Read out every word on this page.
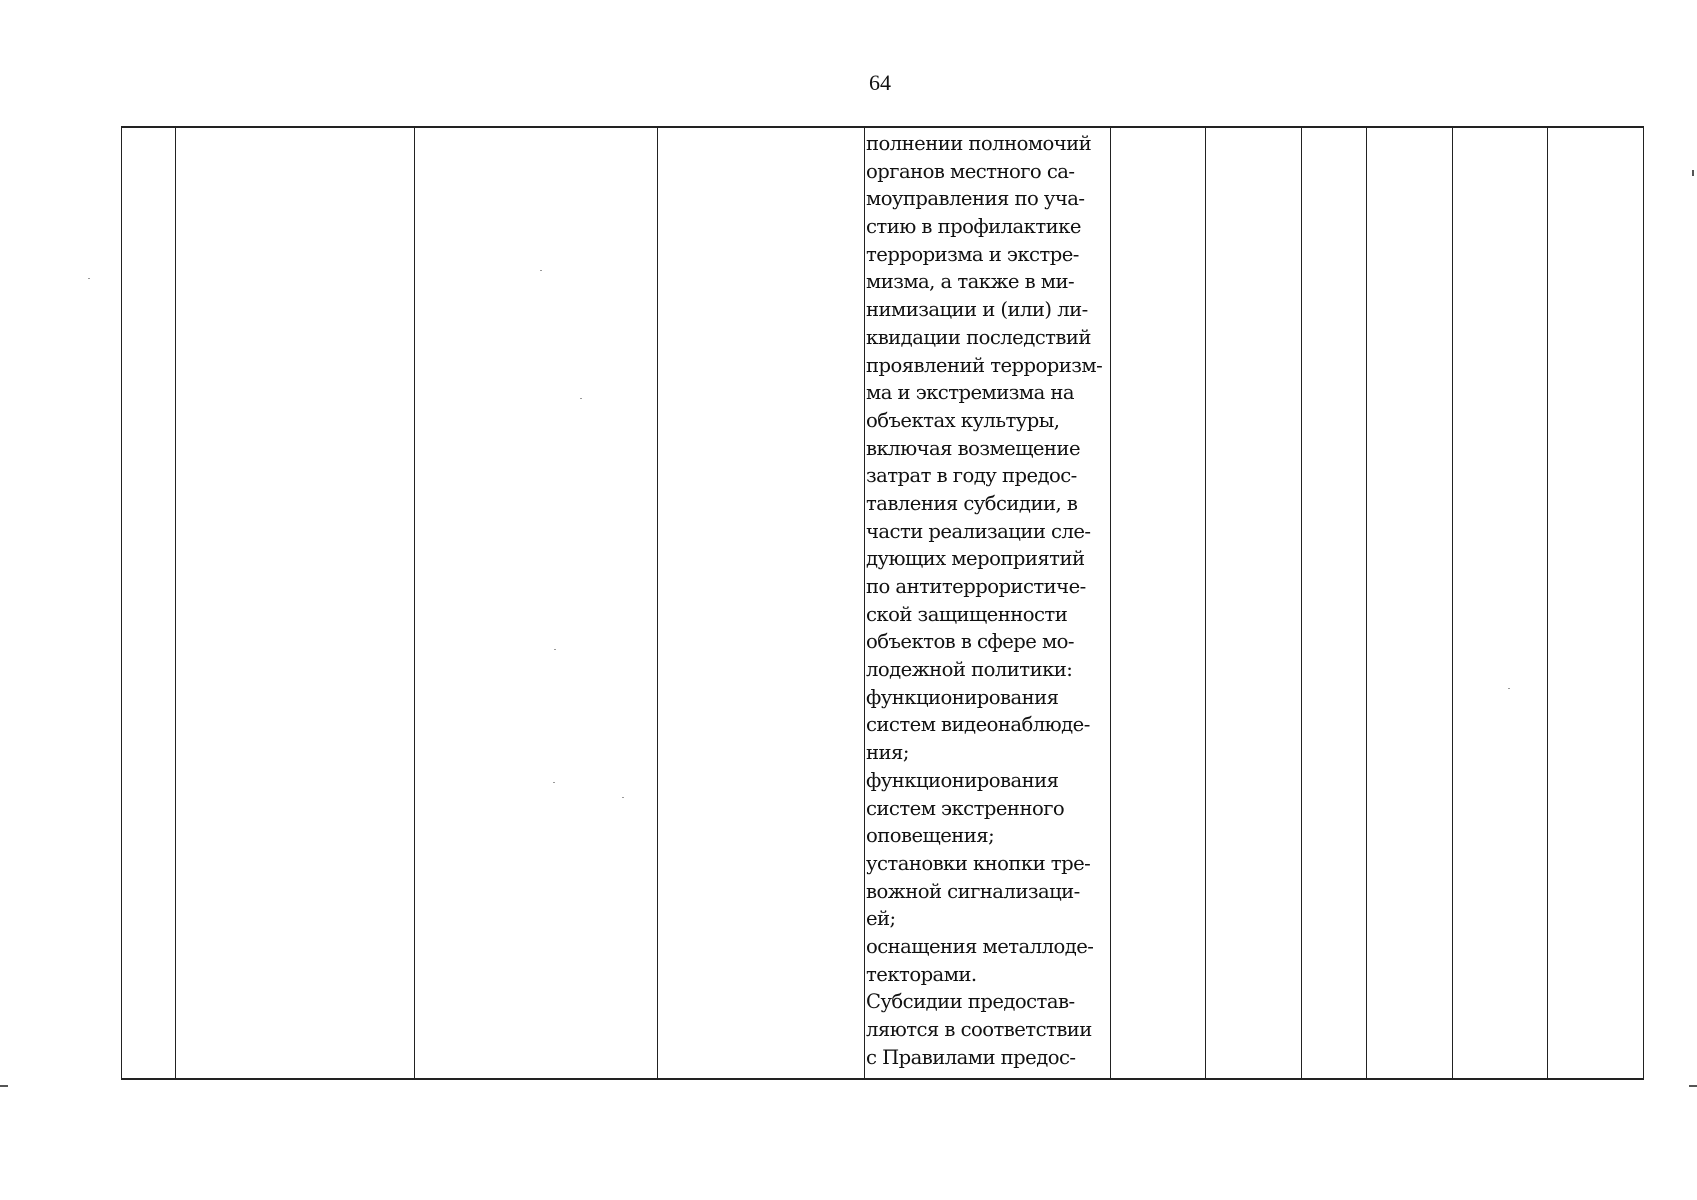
64
полнении полномочий
органов местного са-
моуправления по уча-
стию в профилактике
терроризма и экстре-
мизма, а также в ми-
нимизации и (или) ли-
квидации последствий
проявлений терроризм-
ма и экстремизма на
объектах культуры,
включая возмещение
затрат в году предос-
тавления субсидии, в
части реализации сле-
дующих мероприятий
по антитеррористиче-
ской защищенности
объектов в сфере мо-
лодежной политики:
функционирования
систем видеонаблюде-
ния;
функционирования
систем экстренного
оповещения;
установки кнопки тре-
вожной сигнализаци-
ей;
оснащения металлоде-
текторами.
Субсидии предостав-
ляются в соответствии
с Правилами предос-
